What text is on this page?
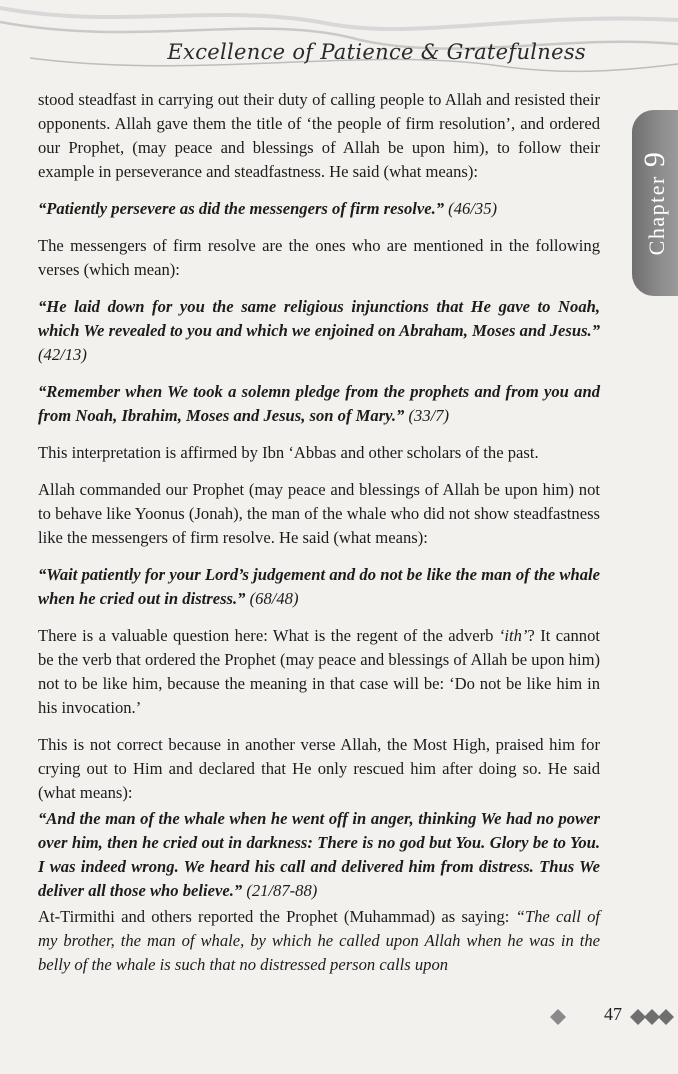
Excellence of Patience & Gratefulness
Chapter9

stood steadfast in carrying out their duty of calling people to Allah and resisted their opponents. Allah gave them the title of ‘the people of firm resolution’, and ordered our Prophet, (may peace and blessings of Allah be upon him), to follow their example in perseverance and steadfastness. He said (what means):

“Patiently persevere as did the messengers of firm resolve.” (46/35)

The messengers of firm resolve are the ones who are mentioned in the following verses (which mean):

“He laid down for you the same religious injunctions that He gave to Noah, which We revealed to you and which we enjoined on Abraham, Moses and Jesus.” (42/13)

“Remember when We took a solemn pledge from the prophets and from you and from Noah, Ibrahim, Moses and Jesus, son of Mary.” (33/7)

This interpretation is affirmed by Ibn ‘Abbas and other scholars of the past.

Allah commanded our Prophet (may peace and blessings of Allah be upon him) not to behave like Yoonus (Jonah), the man of the whale who did not show steadfastness like the messengers of firm resolve. He said (what means):

“Wait patiently for your Lord’s judgement and do not be like the man of the whale when he cried out in distress.” (68/48)

There is a valuable question here: What is the regent of the adverb ‘ith’? It cannot be the verb that ordered the Prophet (may peace and blessings of Allah be upon him) not to be like him, because the meaning in that case will be: ‘Do not be like him in his invocation.’

This is not correct because in another verse Allah, the Most High, praised him for crying out to Him and declared that He only rescued him after doing so. He said (what means):

“And the man of the whale when he went off in anger, thinking We had no power over him, then he cried out in darkness: There is no god but You. Glory be to You. I was indeed wrong. We heard his call and delivered him from distress. Thus We deliver all those who believe.” (21/87-88)

At-Tirmithi and others reported the Prophet (Muhammad) as saying: “The call of my brother, the man of whale, by which he called upon Allah when he was in the belly of the whale is such that no distressed person calls upon

47
